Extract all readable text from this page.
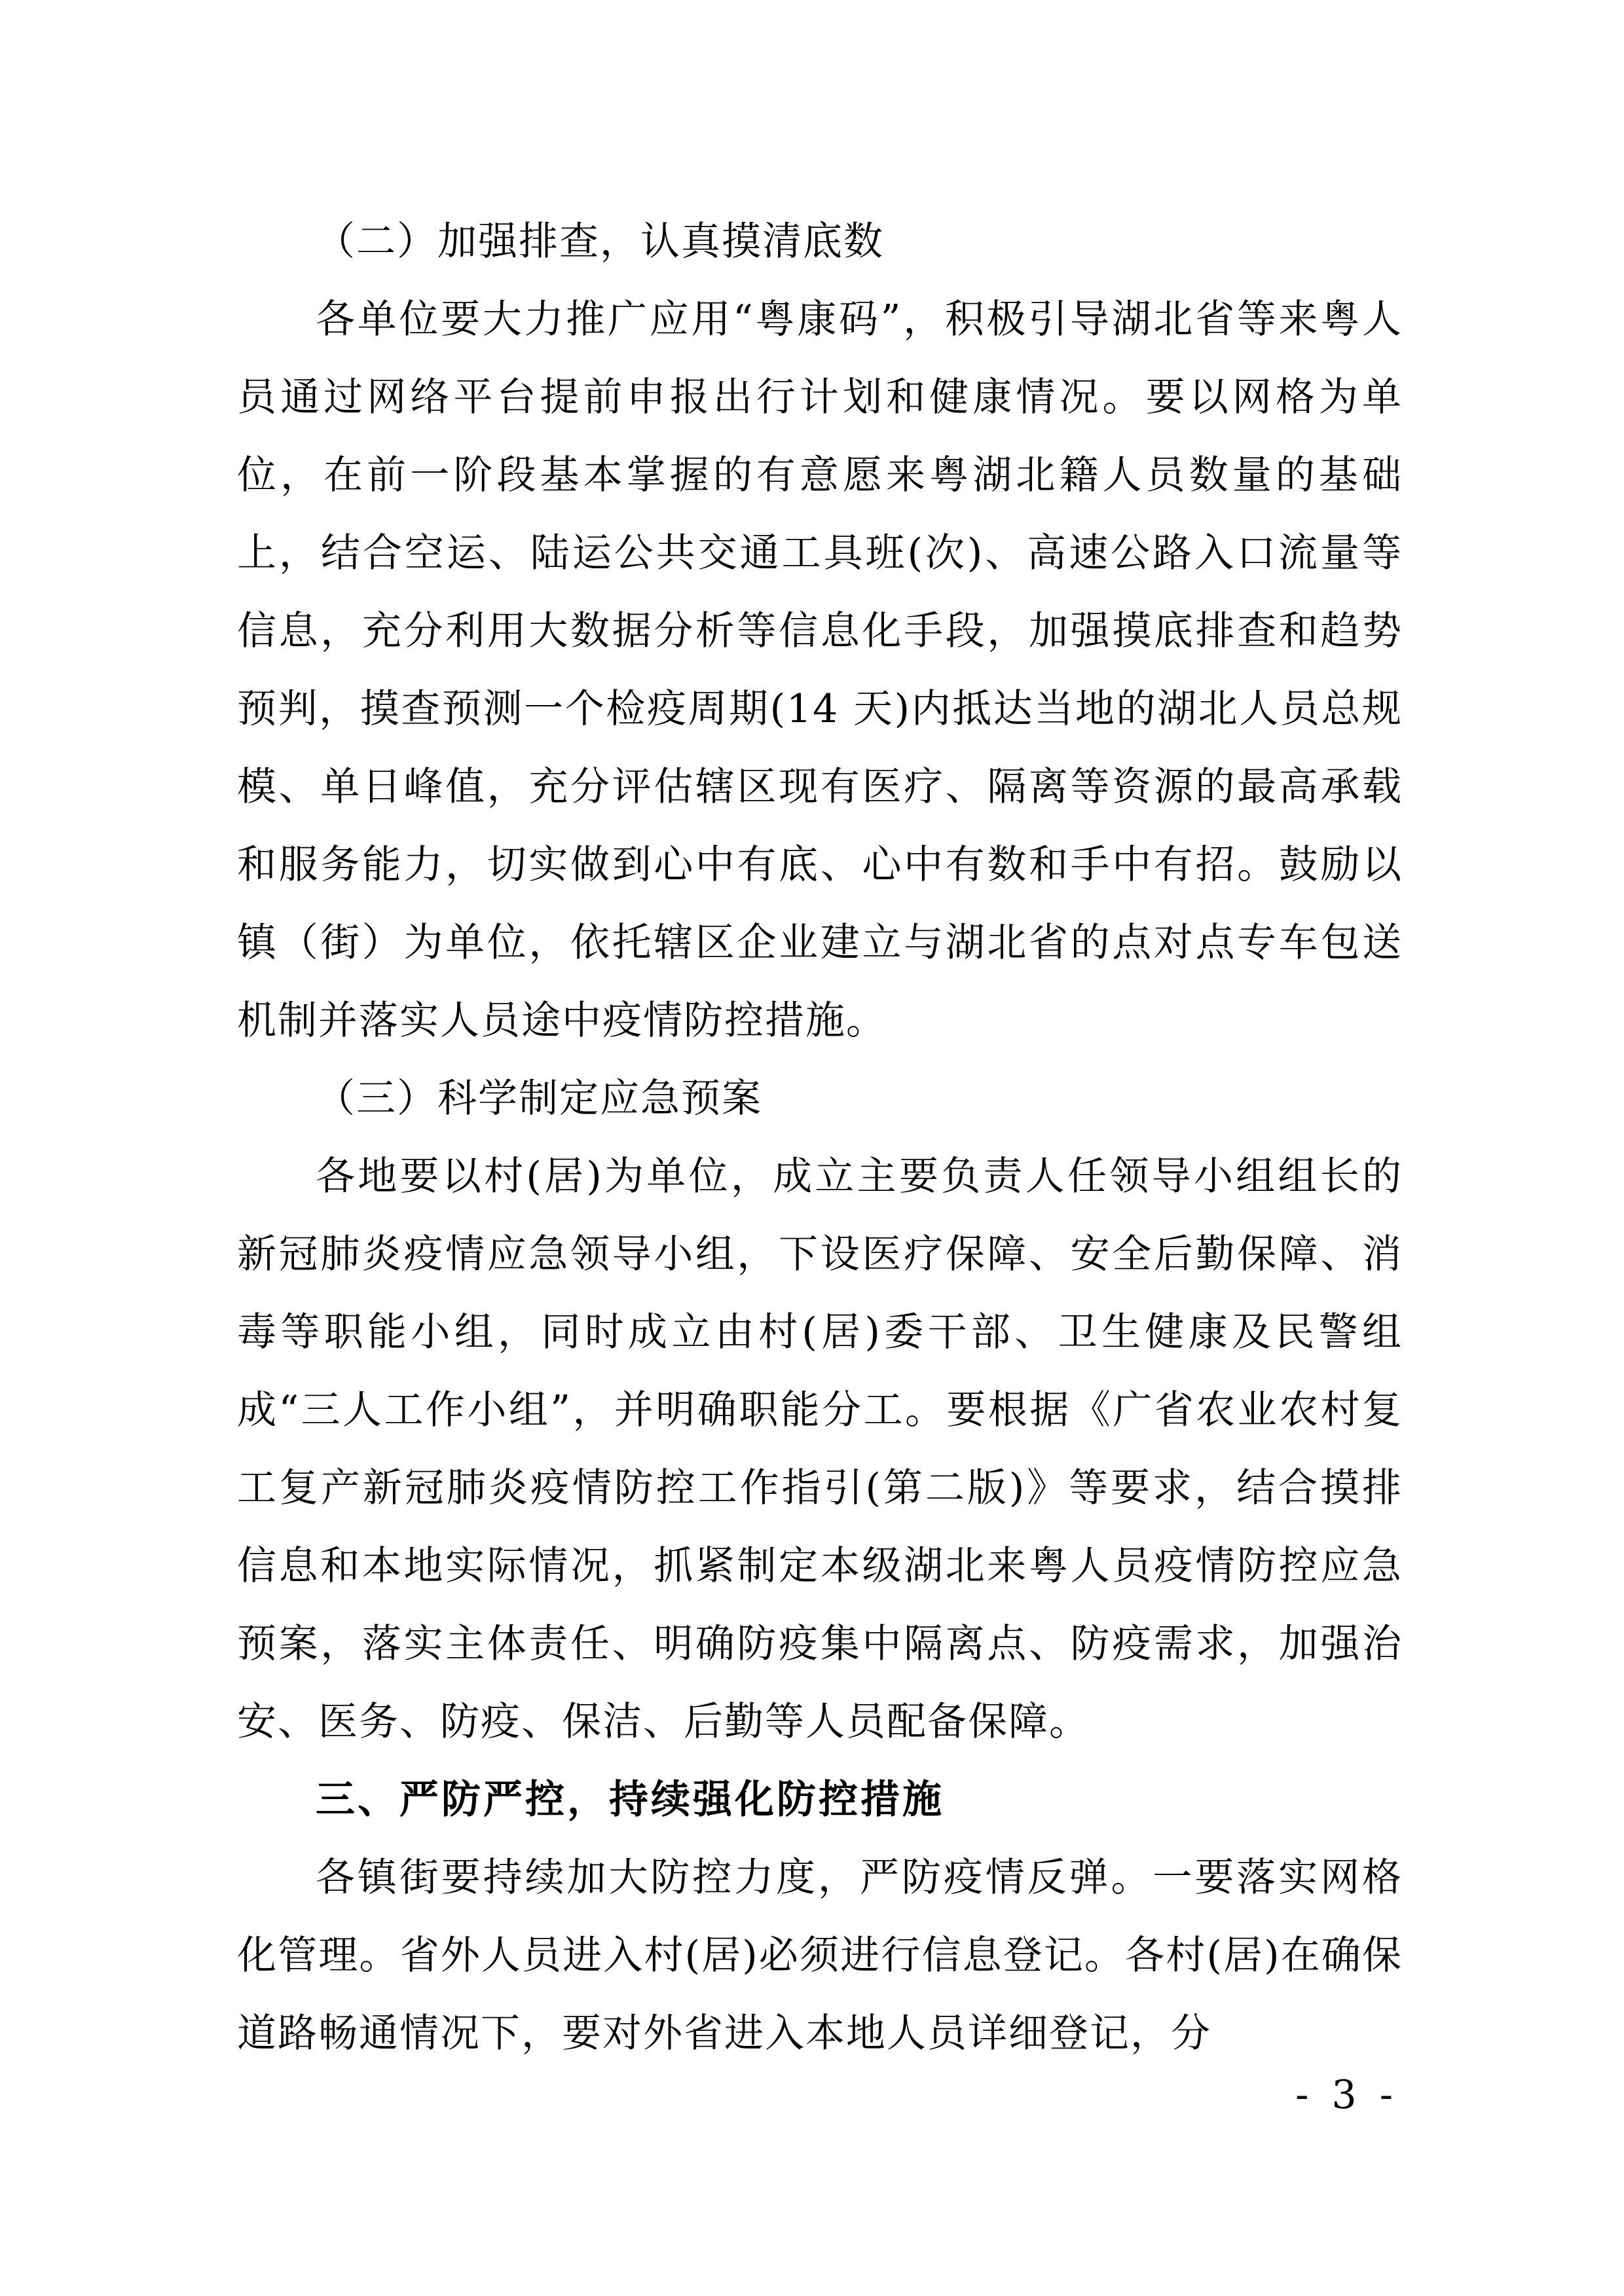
（二）加强排查，认真摸清底数

各单位要大力推广应用“粤康码”，积极引导湖北省等来粤人员通过网络平台提前申报出行计划和健康情况。要以网格为单位，在前一阶段基本掌握的有意愿来粤湖北籍人员数量的基础上，结合空运、陆运公共交通工具班(次)、高速公路入口流量等信息，充分利用大数据分析等信息化手段，加强摸底排查和趋势预判，摸查预测一个检疫周期(14 天)内抵达当地的湖北人员总规模、单日峰值，充分评估辖区现有医疗、隔离等资源的最高承载和服务能力，切实做到心中有底、心中有数和手中有招。鼓励以镇（街）为单位，依托辖区企业建立与湖北省的点对点专车包送机制并落实人员途中疫情防控措施。

（三）科学制定应急预案

各地要以村(居)为单位，成立主要负责人任领导小组组长的新冠肺炎疫情应急领导小组，下设医疗保障、安全后勤保障、消毒等职能小组，同时成立由村(居)委干部、卫生健康及民警组成“三人工作小组”，并明确职能分工。要根据《广省农业农村复工复产新冠肺炎疫情防控工作指引(第二版)》等要求，结合摸排信息和本地实际情况，抓紧制定本级湖北来粤人员疫情防控应急预案，落实主体责任、明确防疫集中隔离点、防疫需求，加强治安、医务、防疫、保洁、后勤等人员配备保障。

三、严防严控，持续强化防控措施

各镇街要持续加大防控力度，严防疫情反弹。一要落实网格化管理。省外人员进入村(居)必须进行信息登记。各村(居)在确保道路畅通情况下，要对外省进入本地人员详细登记，分

- 3 -
